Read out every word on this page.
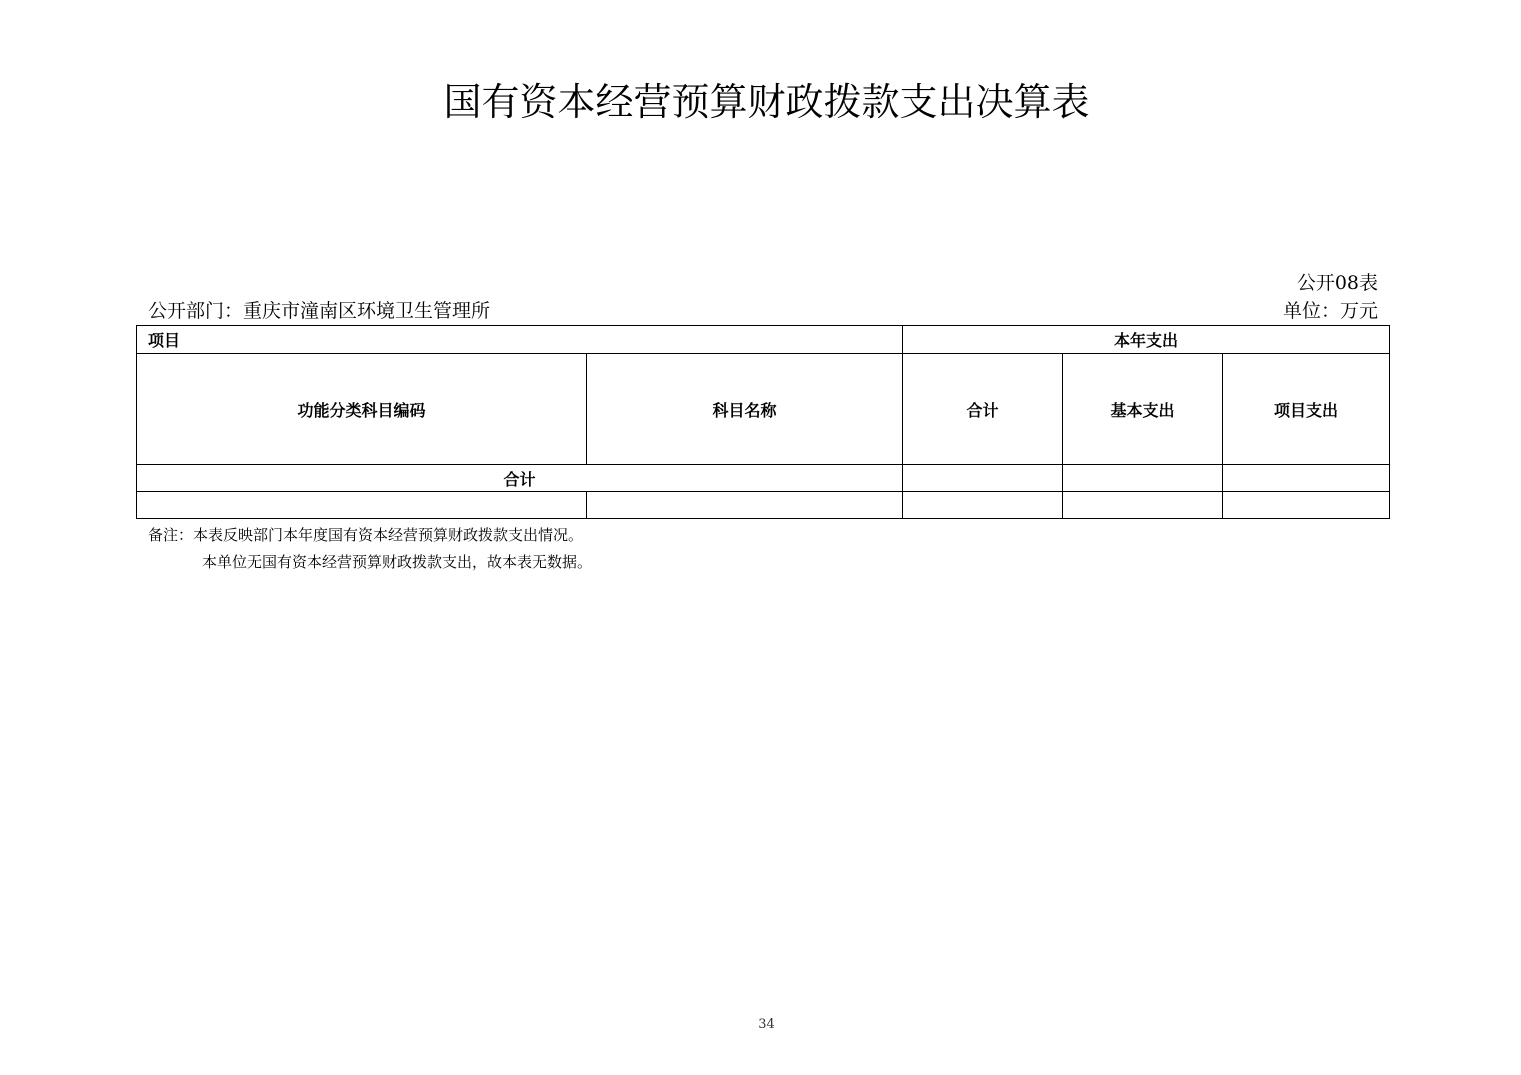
国有资本经营预算财政拨款支出决算表
公开08表
公开部门：重庆市潼南区环境卫生管理所	单位：万元
项目		本年支出		
功能分类科目编码	科目名称	合计	基本支出	项目支出
合计				

备注：本表反映部门本年度国有资本经营预算财政拨款支出情况。
本单位无国有资本经营预算财政拨款支出，故本表无数据。
34
